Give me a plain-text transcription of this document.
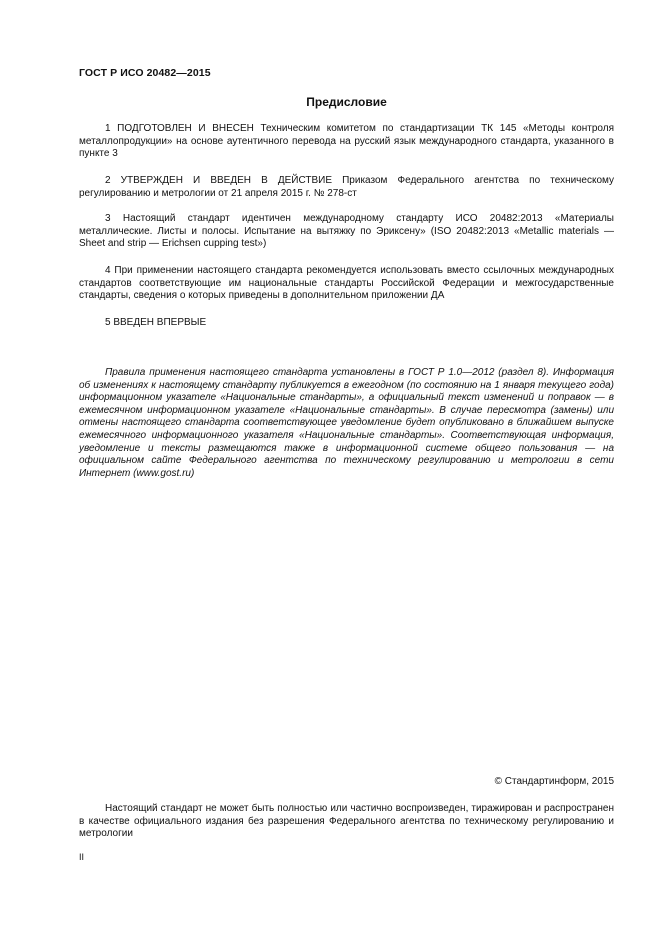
ГОСТ Р ИСО 20482—2015
Предисловие

1 ПОДГОТОВЛЕН И ВНЕСЕН Техническим комитетом по стандартизации ТК 145 «Методы контроля металлопродукции» на основе аутентичного перевода на русский язык международного стандарта, указанного в пункте 3

2 УТВЕРЖДЕН И ВВЕДЕН В ДЕЙСТВИЕ Приказом Федерального агентства по техническому регулированию и метрологии от 21 апреля 2015 г. № 278-ст

3 Настоящий стандарт идентичен международному стандарту ИСО 20482:2013 «Материалы металлические. Листы и полосы. Испытание на вытяжку по Эриксену» (ISO 20482:2013 «Metallic materials — Sheet and strip — Erichsen cupping test»)

4 При применении настоящего стандарта рекомендуется использовать вместо ссылочных международных стандартов соответствующие им национальные стандарты Российской Федерации и межгосударственные стандарты, сведения о которых приведены в дополнительном приложении ДА

5 ВВЕДЕН ВПЕРВЫЕ

Правила применения настоящего стандарта установлены в ГОСТ Р 1.0—2012 (раздел 8). Информация об изменениях к настоящему стандарту публикуется в ежегодном (по состоянию на 1 января текущего года) информационном указателе «Национальные стандарты», а официальный текст изменений и поправок — в ежемесячном информационном указателе «Национальные стандарты». В случае пересмотра (замены) или отмены настоящего стандарта соответствующее уведомление будет опубликовано в ближайшем выпуске ежемесячного информационного указателя «Национальные стандарты». Соответствующая информация, уведомление и тексты размещаются также в информационной системе общего пользования — на официальном сайте Федерального агентства по техническому регулированию и метрологии в сети Интернет (www.gost.ru)

© Стандартинформ, 2015

Настоящий стандарт не может быть полностью или частично воспроизведен, тиражирован и распространен в качестве официального издания без разрешения Федерального агентства по техническому регулированию и метрологии

II
